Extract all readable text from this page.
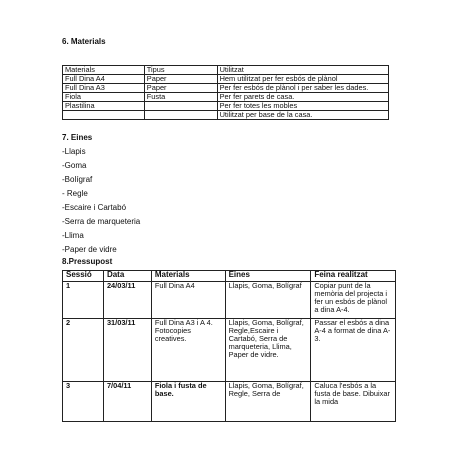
6. Materials
Materials	Tipus	Utilitzat
Full Dina A4	Paper	Hem utilitzat per fer esbós de plànol
Full Dina A3	Paper	Per fer esbós de plànol i per saber les dades.
Fiola	Fusta	Per fer parets de casa.
Plastilina		Per fer totes les mobles
		Utilitzat per base de la casa.
7. Eines
-Llapis
-Goma
-Bolígraf
- Regle
-Escaire i Cartabó
-Serra de marqueteria
-Llima
-Paper de vidre
8.Pressupost
Sessió	Data	Materials	Eines	Feina realitzat
1	24/03/11	Full Dina A4	Llapis, Goma, Bolígraf	Copiar punt de la memòria del projecta i fer un esbós de plànol a dina A-4.
2	31/03/11	Full Dina A3 i A 4. Fotocopies creatives.	Llapis, Goma, Bolígraf, Regle,Escaire i Cartabó, Serra de marqueteria, Llima, Paper de vidre.	Passar el esbós a dina A-4 a format de dina A-3.
3	7/04/11	Fiola i fusta de base.	Llapis, Goma, Bolígraf, Regle, Serra de	Caluca l'esbós a la fusta de base. Dibuixar la mida
